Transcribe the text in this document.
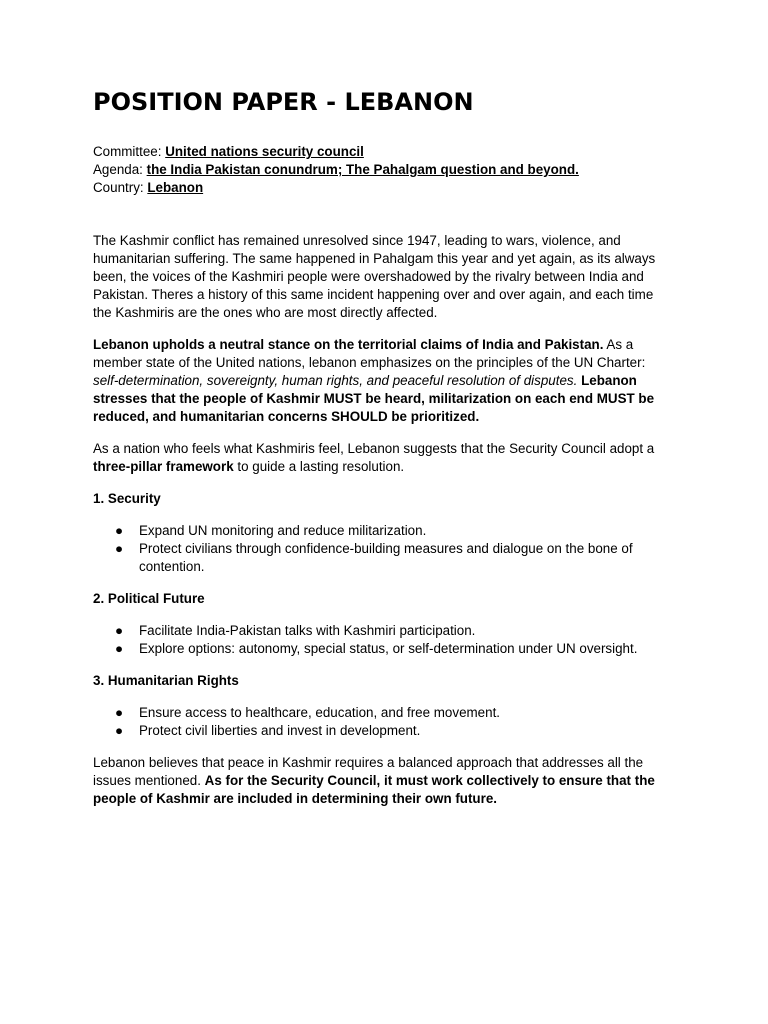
POSITION PAPER - LEBANON
Committee: United nations security council
Agenda: the India Pakistan conundrum; The Pahalgam question and beyond.
Country: Lebanon

The Kashmir conflict has remained unresolved since 1947, leading to wars, violence, and humanitarian suffering. The same happened in Pahalgam this year and yet again, as its always been, the voices of the Kashmiri people were overshadowed by the rivalry between India and Pakistan. Theres a history of this same incident happening over and over again, and each time the Kashmiris are the ones who are most directly affected.

Lebanon upholds a neutral stance on the territorial claims of India and Pakistan. As a member state of the United nations, lebanon emphasizes on the principles of the UN Charter: self-determination, sovereignty, human rights, and peaceful resolution of disputes. Lebanon stresses that the people of Kashmir MUST be heard, militarization on each end MUST be reduced, and humanitarian concerns SHOULD be prioritized.

As a nation who feels what Kashmiris feel, Lebanon suggests that the Security Council adopt a three-pillar framework to guide a lasting resolution.

1. Security
● Expand UN monitoring and reduce militarization.
● Protect civilians through confidence-building measures and dialogue on the bone of contention.
2. Political Future
● Facilitate India-Pakistan talks with Kashmiri participation.
● Explore options: autonomy, special status, or self-determination under UN oversight.
3. Humanitarian Rights
● Ensure access to healthcare, education, and free movement.
● Protect civil liberties and invest in development.

Lebanon believes that peace in Kashmir requires a balanced approach that addresses all the issues mentioned. As for the Security Council, it must work collectively to ensure that the people of Kashmir are included in determining their own future.
